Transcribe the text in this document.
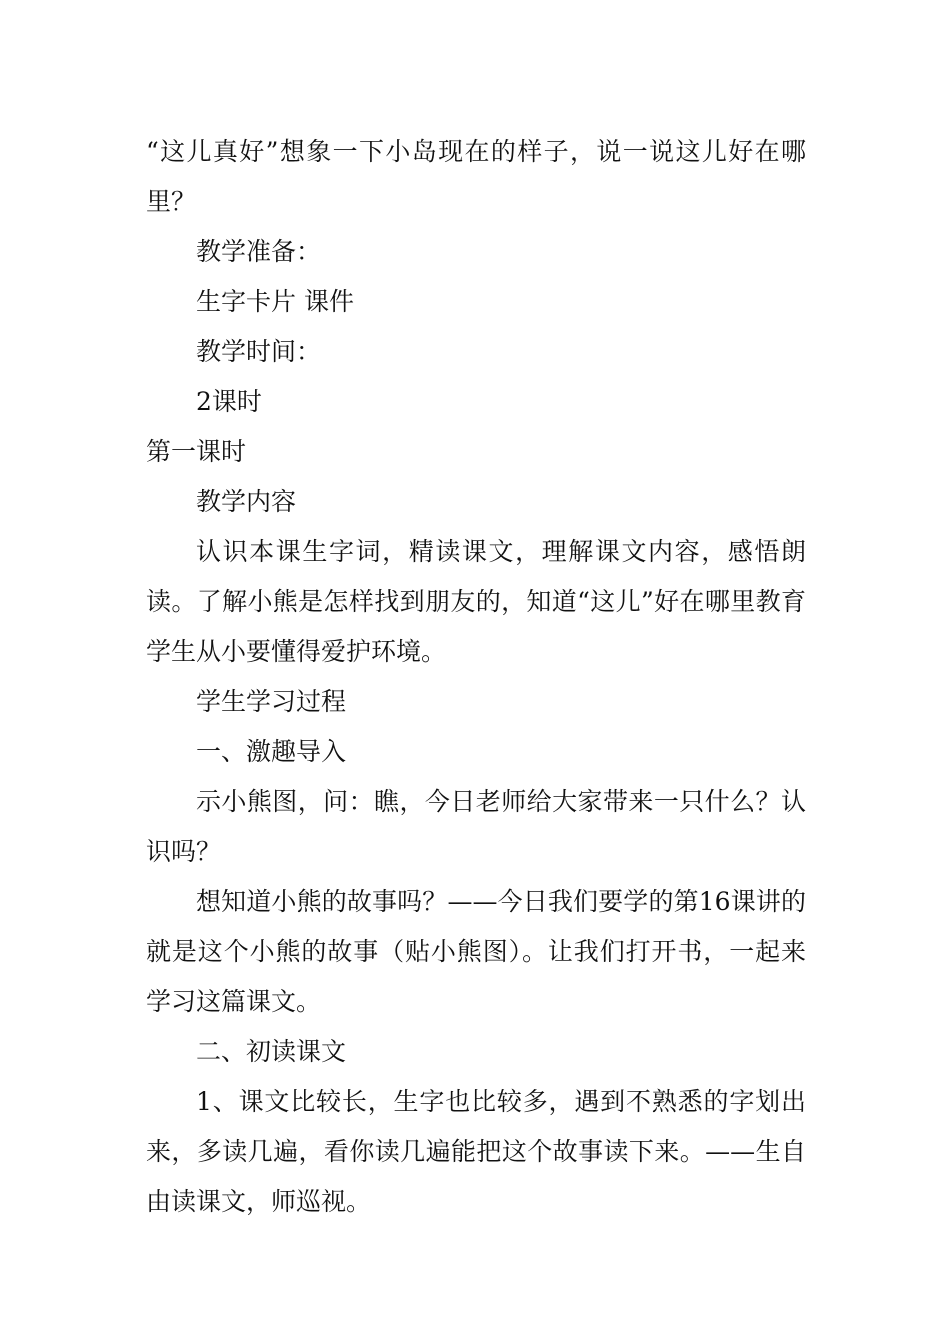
“这儿真好”想象一下小岛现在的样子，说一说这儿好在哪里？

教学准备：

生字卡片 课件

教学时间：

2课时

第一课时

教学内容

认识本课生字词，精读课文，理解课文内容，感悟朗读。了解小熊是怎样找到朋友的，知道“这儿”好在哪里教育学生从小要懂得爱护环境。

学生学习过程

一、激趣导入

示小熊图，问：瞧，今日老师给大家带来一只什么？认识吗？

想知道小熊的故事吗？——今日我们要学的第16课讲的就是这个小熊的故事（贴小熊图）。让我们打开书，一起来学习这篇课文。

二、初读课文

1、课文比较长，生字也比较多，遇到不熟悉的字划出来，多读几遍，看你读几遍能把这个故事读下来。——生自由读课文，师巡视。
